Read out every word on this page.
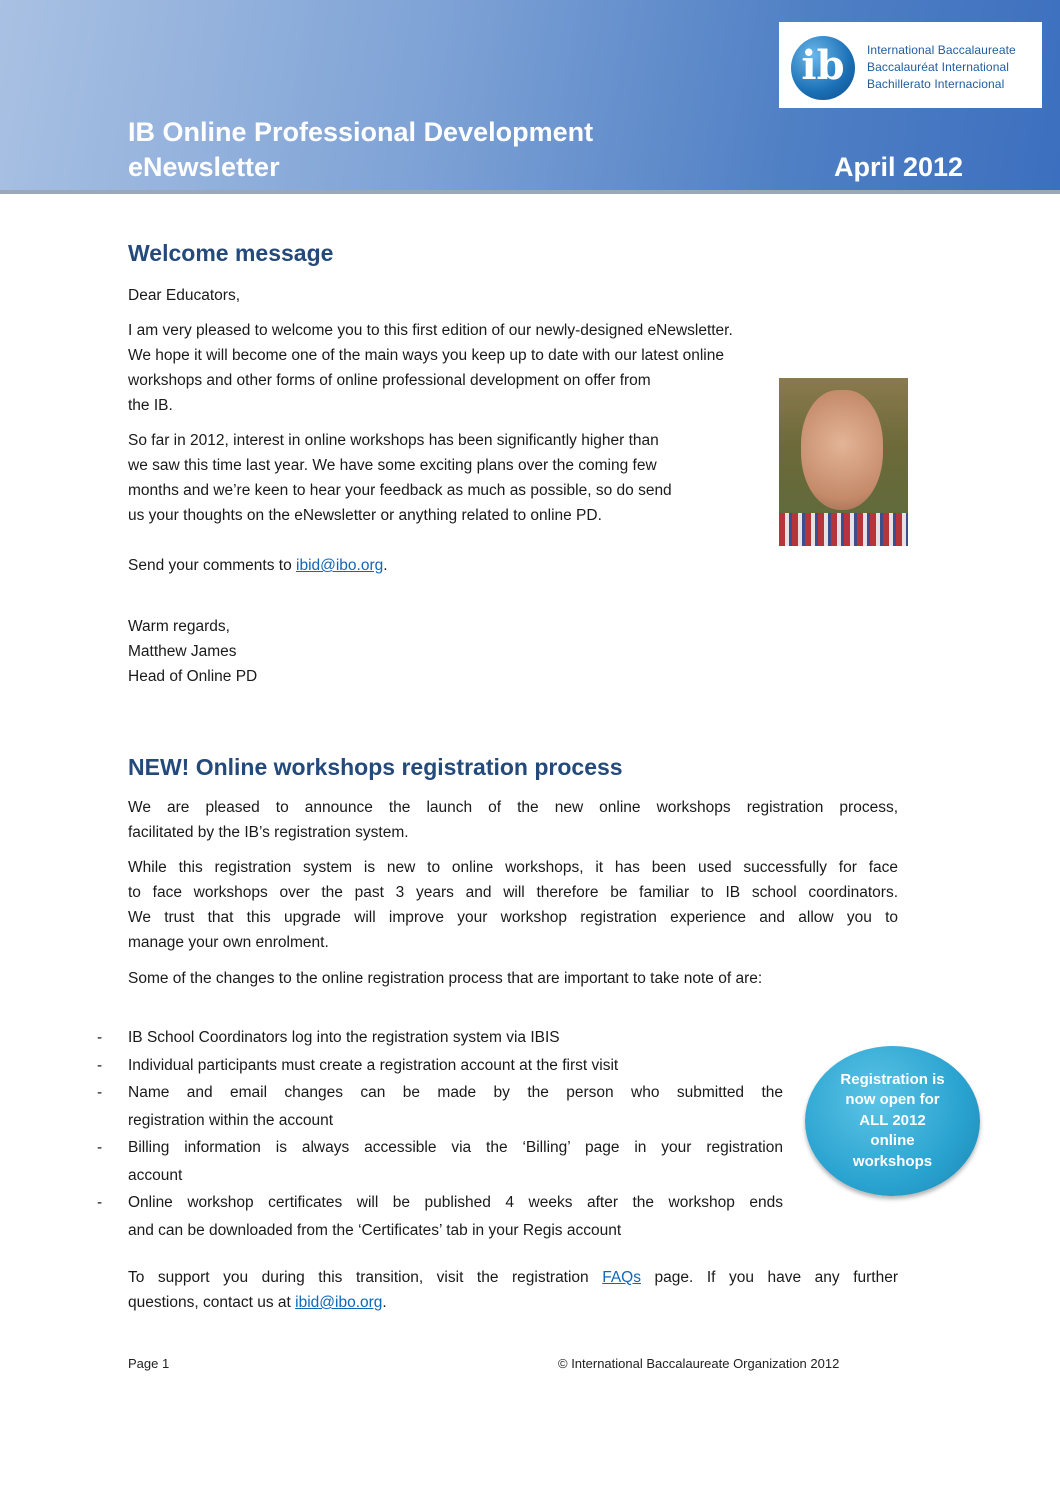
IB Online Professional Development
eNewsletter	April 2012
ib	International Baccalaureate
Baccalauréat International
Bachillerato Internacional
Welcome message
Dear Educators,
I am very pleased to welcome you to this first edition of our newly-designed eNewsletter.
We hope it will become one of the main ways you keep up to date with our latest online
workshops and other forms of online professional development on offer from
the IB.
So far in 2012, interest in online workshops has been significantly higher than
we saw this time last year. We have some exciting plans over the coming few
months and we’re keen to hear your feedback as much as possible, so do send
us your thoughts on the eNewsletter or anything related to online PD.
Send your comments to ibid@ibo.org.
Warm regards,
Matthew James
Head of Online PD
NEW! Online workshops registration process
We are pleased to announce the launch of the new online workshops registration process,
facilitated by the IB’s registration system.
While this registration system is new to online workshops, it has been used successfully for face
to face workshops over the past 3 years and will therefore be familiar to IB school coordinators.
We trust that this upgrade will improve your workshop registration experience and allow you to
manage your own enrolment.
Some of the changes to the online registration process that are important to take note of are:
- IB School Coordinators log into the registration system via IBIS
- Individual participants must create a registration account at the first visit
- Name and email changes can be made by the person who submitted the
registration within the account
- Billing information is always accessible via the ‘Billing’ page in your registration
account
- Online workshop certificates will be published 4 weeks after the workshop ends
and can be downloaded from the ‘Certificates’ tab in your Regis account
Registration is
now open for
ALL 2012
online
workshops
To support you during this transition, visit the registration FAQs page. If you have any further
questions, contact us at ibid@ibo.org.
Page 1	© International Baccalaureate Organization 2012
